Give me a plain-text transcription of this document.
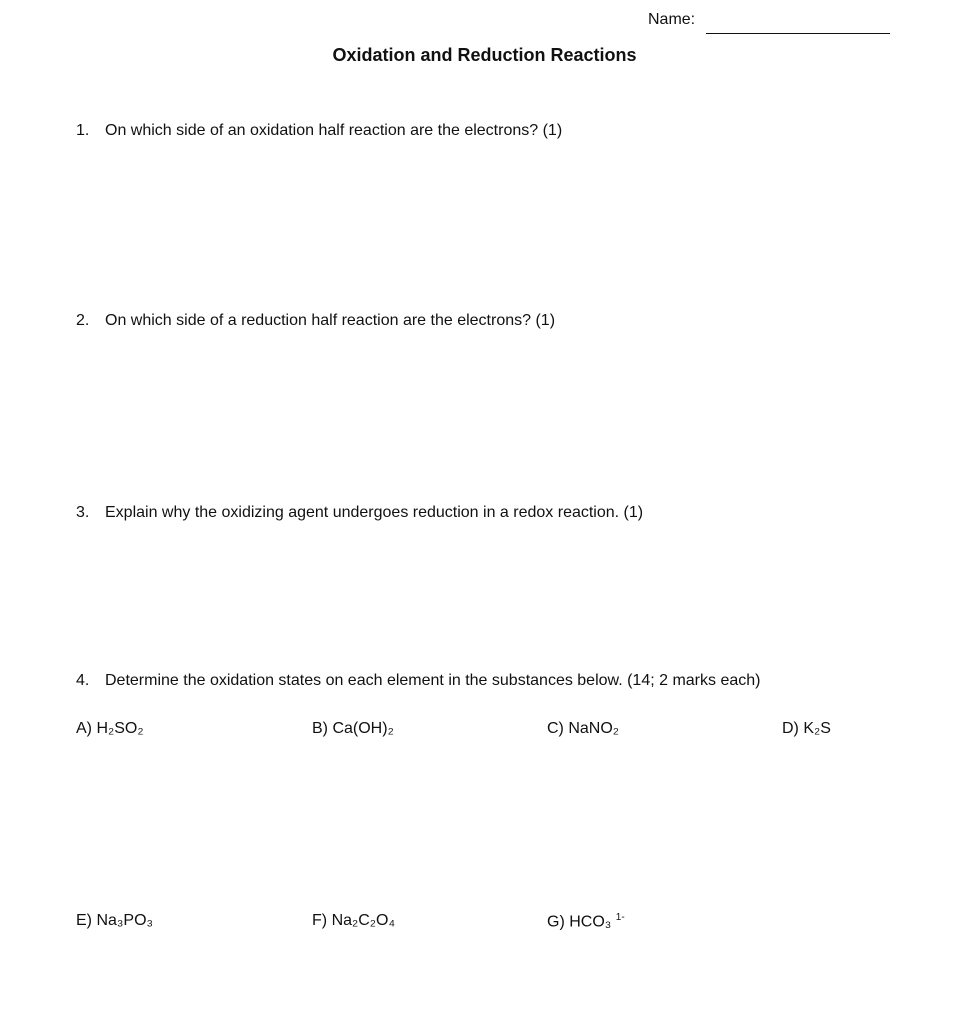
Name:
Oxidation and Reduction Reactions
1. On which side of an oxidation half reaction are the electrons? (1)
2. On which side of a reduction half reaction are the electrons? (1)
3. Explain why the oxidizing agent undergoes reduction in a redox reaction. (1)
4. Determine the oxidation states on each element in the substances below. (14; 2 marks each)
A) H₂SO₂	B) Ca(OH)₂	C) NaNO₂	D) K₂S
E) Na₃PO₃	F) Na₂C₂O₄	G) HCO₃ $^{1-}$
